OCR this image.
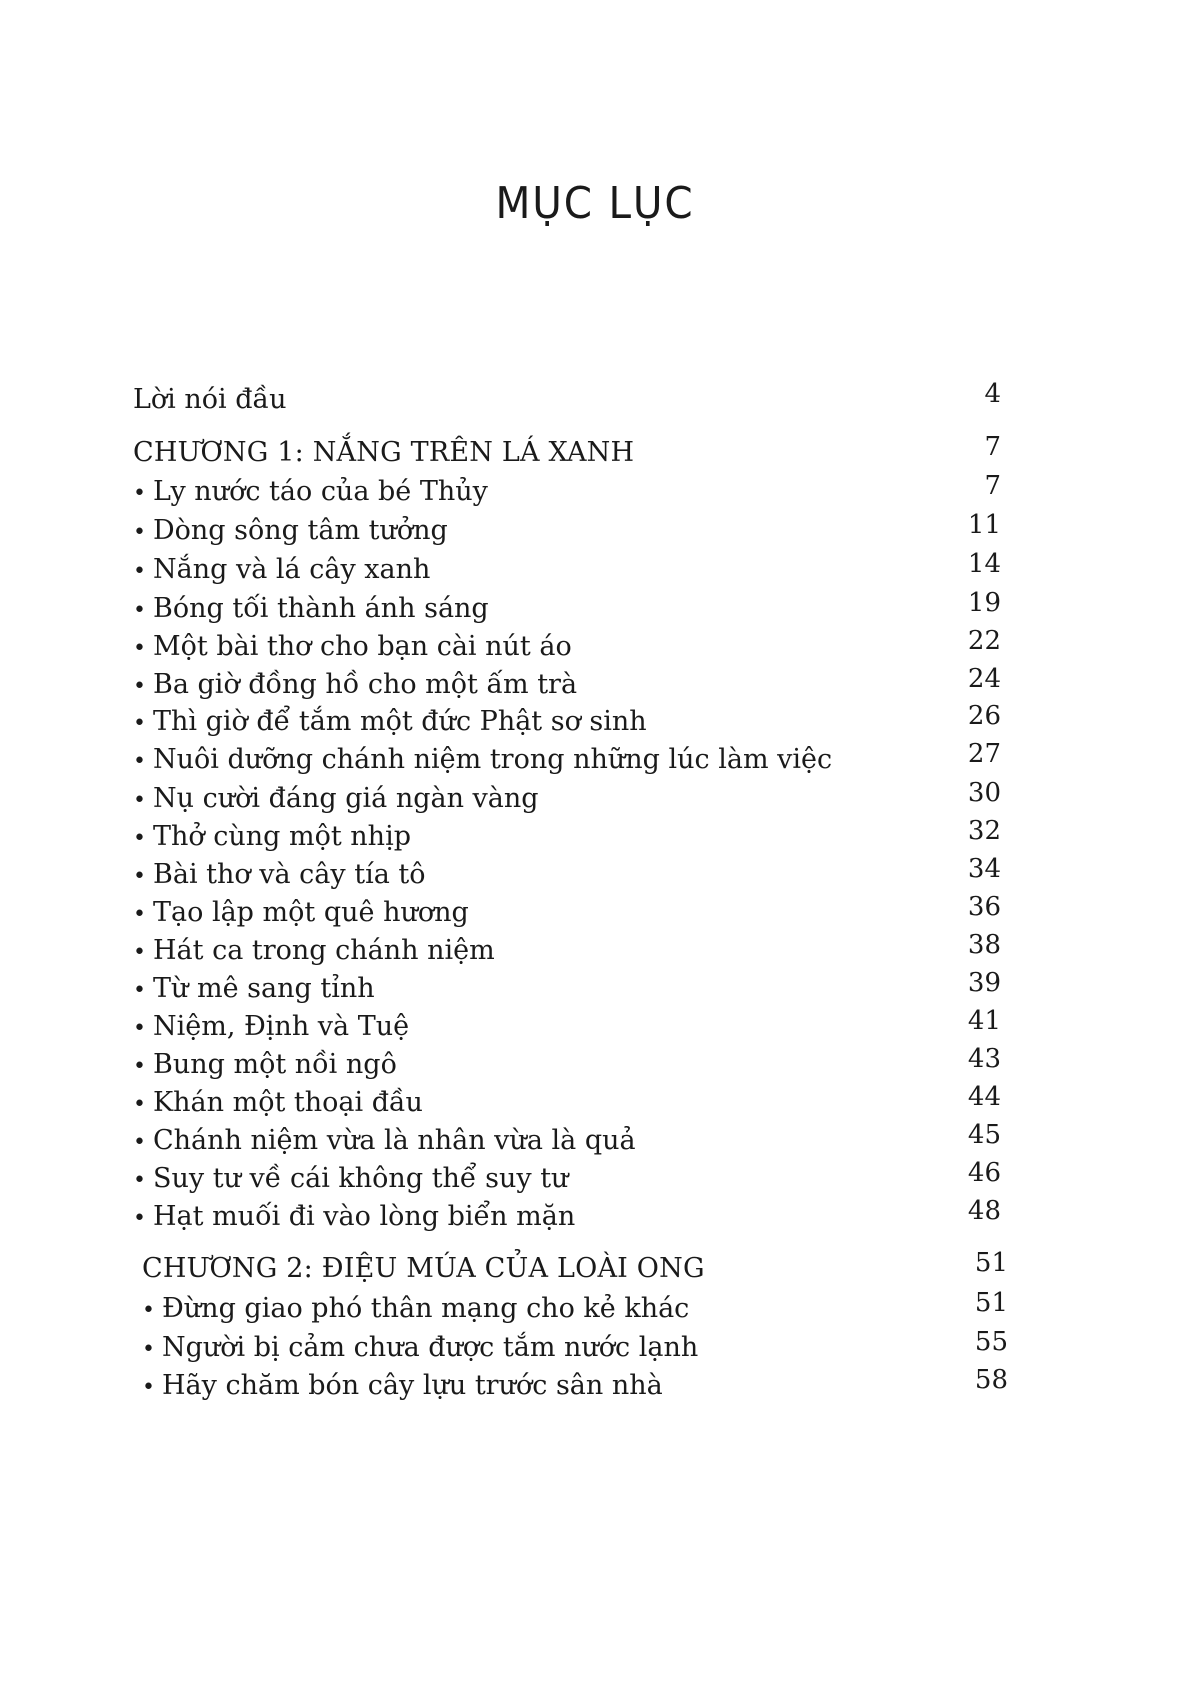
MỤC LỤC
Lời nói đầu	4
CHƯƠNG 1: NẮNG TRÊN LÁ XANH	7
• Ly nước táo của bé Thủy	7
• Dòng sông tâm tưởng	11
• Nắng và lá cây xanh	14
• Bóng tối thành ánh sáng	19
• Một bài thơ cho bạn cài nút áo	22
• Ba giờ đồng hồ cho một ấm trà	24
• Thì giờ để tắm một đức Phật sơ sinh	26
• Nuôi dưỡng chánh niệm trong những lúc làm việc	27
• Nụ cười đáng giá ngàn vàng	30
• Thở cùng một nhịp	32
• Bài thơ và cây tía tô	34
• Tạo lập một quê hương	36
• Hát ca trong chánh niệm	38
• Từ mê sang tỉnh	39
• Niệm, Định và Tuệ	41
• Bung một nồi ngô	43
• Khán một thoại đầu	44
• Chánh niệm vừa là nhân vừa là quả	45
• Suy tư về cái không thể suy tư	46
• Hạt muối đi vào lòng biển mặn	48
CHƯƠNG 2: ĐIỆU MÚA CỦA LOÀI ONG	51
• Đừng giao phó thân mạng cho kẻ khác	51
• Người bị cảm chưa được tắm nước lạnh	55
• Hãy chăm bón cây lựu trước sân nhà	58
